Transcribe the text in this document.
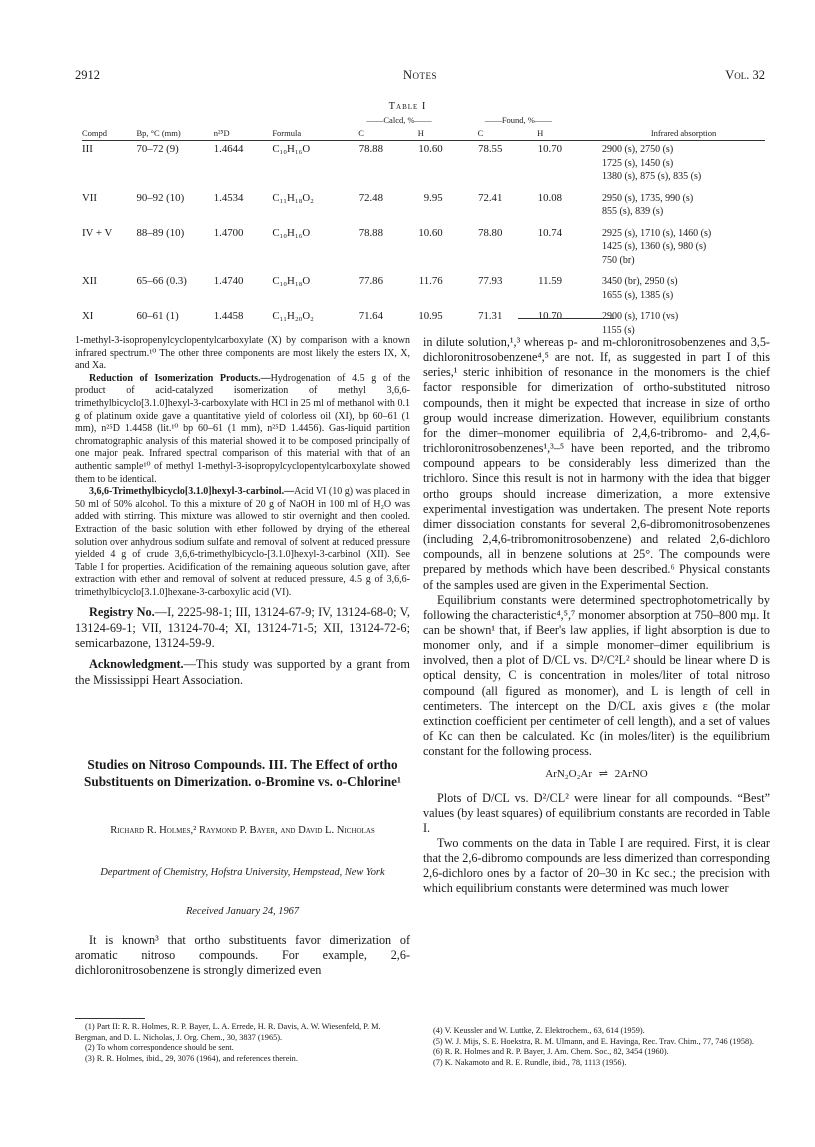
2912	Notes	Vol. 32
Table I
				——Calcd, %——		——Found, %——		
Compd	Bp, °C (mm)	n²⁵D	Formula	C	H	C	H	Infrared absorption
III	70–72 (9)	1.4644	C₁₀H₁₆O	78.88	10.60	78.55	10.70	2900 (s), 2750 (s)
1725 (s), 1450 (s)
1380 (s), 875 (s), 835 (s)

VII	90–92 (10)	1.4534	C₁₁H₁₈O₂	72.48	9.95	72.41	10.08	2950 (s), 1735, 990 (s)
855 (s), 839 (s)

IV + V	88–89 (10)	1.4700	C₁₀H₁₆O	78.88	10.60	78.80	10.74	2925 (s), 1710 (s), 1460 (s)
1425 (s), 1360 (s), 980 (s)
750 (br)

XII	65–66 (0.3)	1.4740	C₁₀H₁₈O	77.86	11.76	77.93	11.59	3450 (br), 2950 (s)
1655 (s), 1385 (s)

XI	60–61 (1)	1.4458	C₁₁H₂₀O₂	71.64	10.95	71.31	10.70	2900 (s), 1710 (vs)
1155 (s)

1-methyl-3-isopropenylcyclopentylcarboxylate (X) by comparison with a known infrared spectrum.¹⁰ The other three components are most likely the esters IX, X, and Xa.

Reduction of Isomerization Products.—Hydrogenation of 4.5 g of the product of acid-catalyzed isomerization of methyl 3,6,6-trimethylbicyclo[3.1.0]hexyl-3-carboxylate with HCl in 25 ml of methanol with 0.1 g of platinum oxide gave a quantitative yield of colorless oil (XI), bp 60–61 (1 mm), n²⁵D 1.4458 (lit.¹⁰ bp 60–61 (1 mm), n²⁵D 1.4456). Gas-liquid partition chromatographic analysis of this material showed it to be composed principally of one major peak. Infrared spectral comparison of this material with that of an authentic sample¹⁰ of methyl 1-methyl-3-isopropylcyclopentylcarboxylate showed them to be identical.

3,6,6-Trimethylbicyclo[3.1.0]hexyl-3-carbinol.—Acid VI (10 g) was placed in 50 ml of 50% alcohol. To this a mixture of 20 g of NaOH in 100 ml of H₂O was added with stirring. This mixture was allowed to stir overnight and then cooled. Extraction of the basic solution with ether followed by drying of the ethereal solution over anhydrous sodium sulfate and removal of solvent at reduced pressure yielded 4 g of crude 3,6,6-trimethylbicyclo-[3.1.0]hexyl-3-carbinol (XII). See Table I for properties. Acidification of the remaining aqueous solution gave, after extraction with ether and removal of solvent at reduced pressure, 4.5 g of 3,6,6-trimethylbicyclo[3.1.0]hexane-3-carboxylic acid (VI).

Registry No.—I, 2225-98-1; III, 13124-67-9; IV, 13124-68-0; V, 13124-69-1; VII, 13124-70-4; XI, 13124-71-5; XII, 13124-72-6; semicarbazone, 13124-59-9.

Acknowledgment.—This study was supported by a grant from the Mississippi Heart Association.

Studies on Nitroso Compounds. III. The Effect of ortho Substituents on Dimerization. o-Bromine vs. o-Chlorine¹
Richard R. Holmes,² Raymond P. Bayer, and David L. Nicholas
Department of Chemistry, Hofstra University, Hempstead, New York
Received January 24, 1967
It is known³ that ortho substituents favor dimerization of aromatic nitroso compounds. For example, 2,6-dichloronitrosobenzene is strongly dimerized even

(1) Part II: R. R. Holmes, R. P. Bayer, L. A. Errede, H. R. Davis, A. W. Wiesenfeld, P. M. Bergman, and D. L. Nicholas, J. Org. Chem., 30, 3837 (1965).

(2) To whom correspondence should be sent.

(3) R. R. Holmes, ibid., 29, 3076 (1964), and references therein.

in dilute solution,¹,³ whereas p- and m-chloronitrosobenzenes and 3,5-dichloronitrosobenzene⁴,⁵ are not. If, as suggested in part I of this series,¹ steric inhibition of resonance in the monomers is the chief factor responsible for dimerization of ortho-substituted nitroso compounds, then it might be expected that increase in size of ortho group would increase dimerization. However, equilibrium constants for the dimer–monomer equilibria of 2,4,6-tribromo- and 2,4,6-trichloronitrosobenzenes¹,³–⁵ have been reported, and the tribromo compound appears to be considerably less dimerized than the trichloro. Since this result is not in harmony with the idea that bigger ortho groups should increase dimerization, a more extensive experimental investigation was undertaken. The present Note reports dimer dissociation constants for several 2,6-dibromonitrosobenzenes (including 2,4,6-tribromonitrosobenzene) and related 2,6-dichloro compounds, all in benzene solutions at 25°. The compounds were prepared by methods which have been described.⁶ Physical constants of the samples used are given in the Experimental Section.

Equilibrium constants were determined spectrophotometrically by following the characteristic⁴,⁵,⁷ monomer absorption at 750–800 mμ. It can be shown¹ that, if Beer's law applies, if light absorption is due to monomer only, and if a simple monomer–dimer equilibrium is involved, then a plot of D/CL vs. D²/C²L² should be linear where D is optical density, C is concentration in moles/liter of total nitroso compound (all figured as monomer), and L is length of cell in centimeters. The intercept on the D/CL axis gives ε (the molar extinction coefficient per centimeter of cell length), and a set of values of Kc can then be calculated. Kc (in moles/liter) is the equilibrium constant for the following process.

ArN₂O₂Ar ⇌ 2ArNO

Plots of D/CL vs. D²/CL² were linear for all compounds. “Best” values (by least squares) of equilibrium constants are recorded in Table I.

Two comments on the data in Table I are required. First, it is clear that the 2,6-dibromo compounds are less dimerized than corresponding 2,6-dichloro ones by a factor of 20–30 in Kc sec.; the precision with which equilibrium constants were determined was much lower

(4) V. Keussler and W. Luttke, Z. Elektrochem., 63, 614 (1959).

(5) W. J. Mijs, S. E. Hoekstra, R. M. Ulmann, and E. Havinga, Rec. Trav. Chim., 77, 746 (1958).

(6) R. R. Holmes and R. P. Bayer, J. Am. Chem. Soc., 82, 3454 (1960).

(7) K. Nakamoto and R. E. Rundle, ibid., 78, 1113 (1956).
